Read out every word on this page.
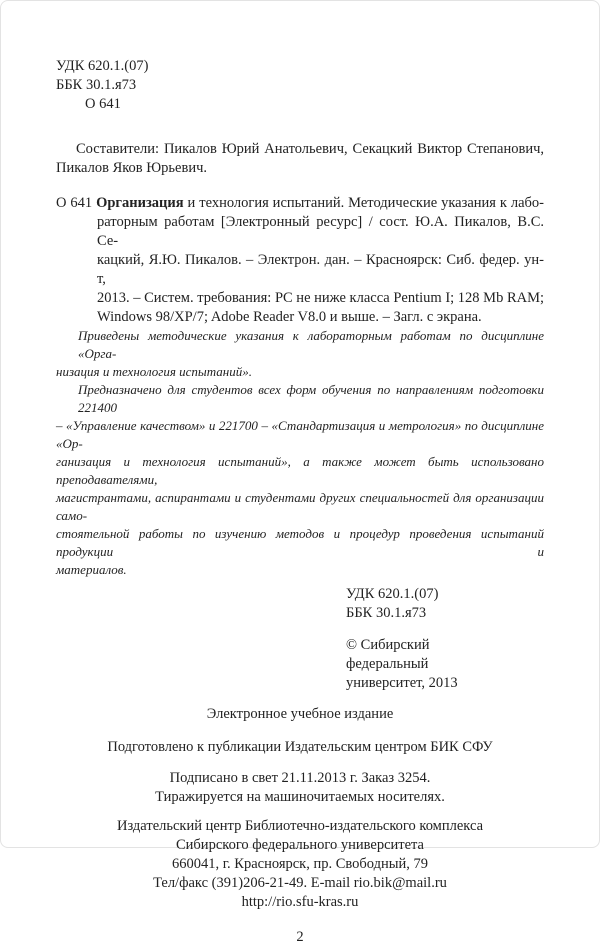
УДК 620.1.(07)
ББК 30.1.я73
О 641
Составители: Пикалов Юрий Анатольевич, Секацкий Виктор Степанович,
Пикалов Яков Юрьевич.
О 641 Организация и технология испытаний. Методические указания к лабо-
раторным работам [Электронный ресурс] / сост. Ю.А. Пикалов, В.С. Се-
кацкий, Я.Ю. Пикалов. – Электрон. дан. – Красноярск: Сиб. федер. ун-т,
2013. – Систем. требования: PC не ниже класса Pentium I; 128 Mb RAM;
Windows 98/XP/7; Adobe Reader V8.0 и выше. – Загл. с экрана.
Приведены методические указания к лабораторным работам по дисциплине «Орга-
низация и технология испытаний».
Предназначено для студентов всех форм обучения по направлениям подготовки 221400
– «Управление качеством» и 221700 – «Стандартизация и метрология» по дисциплине «Ор-
ганизация и технология испытаний», а также может быть использовано преподавателями,
магистрантами, аспирантами и студентами других специальностей для организации само-
стоятельной работы по изучению методов и процедур проведения испытаний продукции и
материалов.
УДК 620.1.(07)
ББК 30.1.я73
© Сибирский
федеральный
университет, 2013
Электронное учебное издание
Подготовлено к публикации Издательским центром БИК СФУ
Подписано в свет 21.11.2013 г. Заказ 3254.
Тиражируется на машиночитаемых носителях.
Издательский центр Библиотечно-издательского комплекса
Сибирского федерального университета
660041, г. Красноярск, пр. Свободный, 79
Тел/факс (391)206-21-49. E-mail rio.bik@mail.ru
http://rio.sfu-kras.ru
2
